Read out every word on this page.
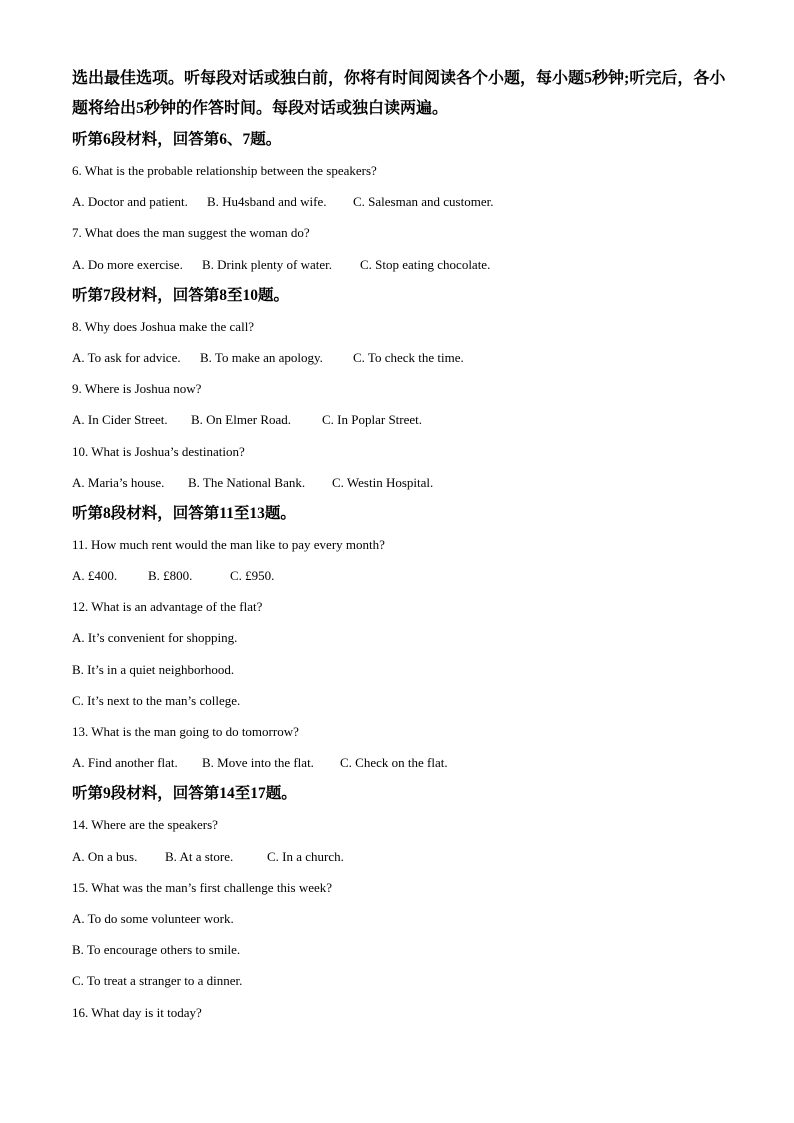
选出最佳选项。听每段对话或独白前，你将有时间阅读各个小题，每小题5秒钟;听完后，各小题将给出5秒钟的作答时间。每段对话或独白读两遍。

听第6段材料，回答第6、7题。

6. What is the probable relationship between the speakers?

A. Doctor and patient. B. Hu4sband and wife. C. Salesman and customer.

7. What does the man suggest the woman do?

A. Do more exercise. B. Drink plenty of water. C. Stop eating chocolate.

听第7段材料，回答第8至10题。

8. Why does Joshua make the call?

A. To ask for advice. B. To make an apology. C. To check the time.

9. Where is Joshua now?

A. In Cider Street. B. On Elmer Road. C. In Poplar Street.

10. What is Joshua’s destination?

A. Maria’s house. B. The National Bank. C. Westin Hospital.

听第8段材料，回答第11至13题。

11. How much rent would the man like to pay every month?

A. £400. B. £800.	C. £950.

12. What is an advantage of the flat?

A. It’s convenient for shopping.

B. It’s in a quiet neighborhood.

C. It’s next to the man’s college.

13. What is the man going to do tomorrow?

A. Find another flat. B. Move into the flat. C. Check on the flat.

听第9段材料，回答第14至17题。

14. Where are the speakers?

A. On a bus. B. At a store.	C. In a church.

15. What was the man’s first challenge this week?

A. To do some volunteer work.

B. To encourage others to smile.

C. To treat a stranger to a dinner.

16. What day is it today?
